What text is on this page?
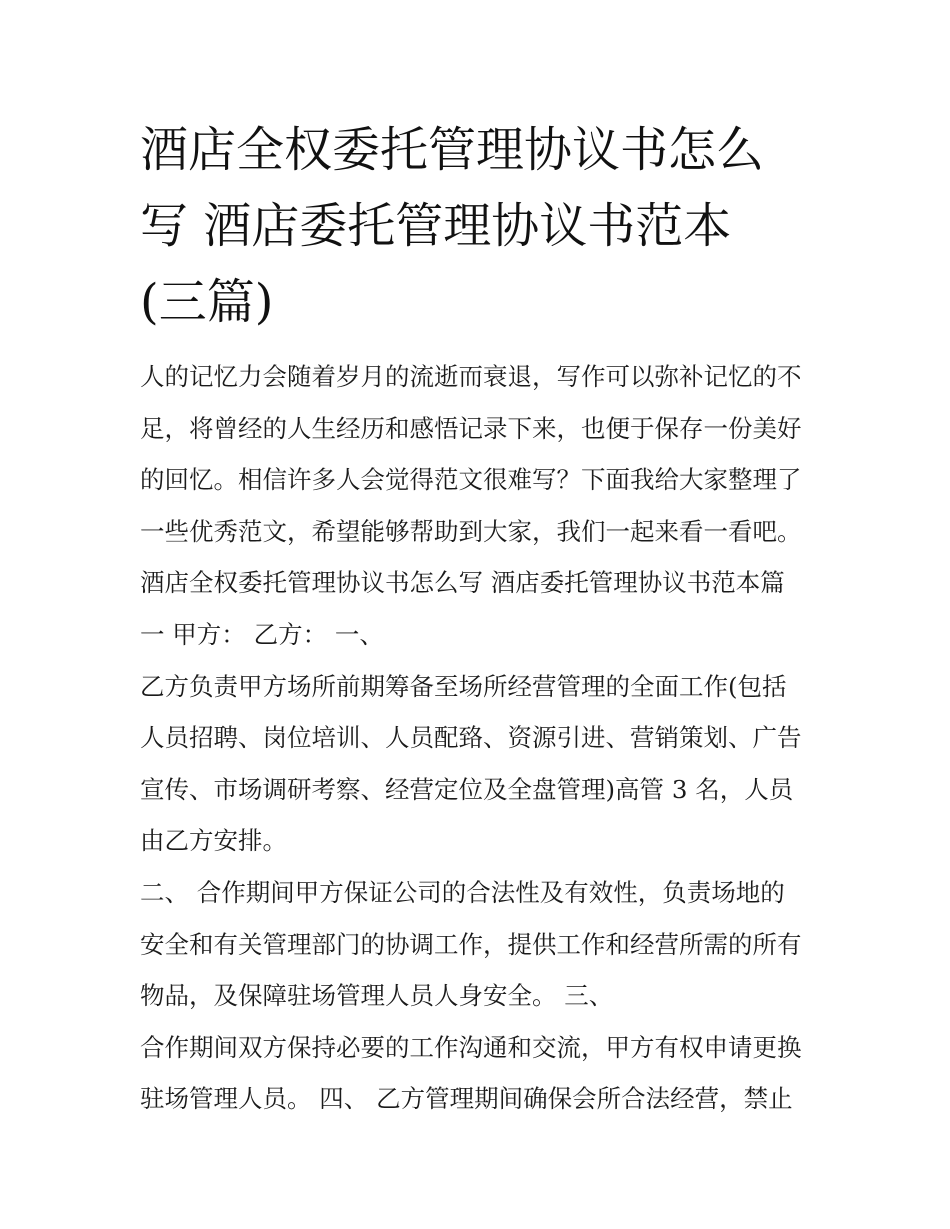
酒店全权委托管理协议书怎么
写 酒店委托管理协议书范本
(三篇)
人的记忆力会随着岁月的流逝而衰退，写作可以弥补记忆的不
足，将曾经的人生经历和感悟记录下来，也便于保存一份美好
的回忆。相信许多人会觉得范文很难写？下面我给大家整理了
一些优秀范文，希望能够帮助到大家，我们一起来看一看吧。
酒店全权委托管理协议书怎么写 酒店委托管理协议书范本篇
一 甲方： 乙方： 一、
乙方负责甲方场所前期筹备至场所经营管理的全面工作(包括
人员招聘、岗位培训、人员配臵、资源引进、营销策划、广告
宣传、市场调研考察、经营定位及全盘管理)高管 3 名，人员
由乙方安排。
二、 合作期间甲方保证公司的合法性及有效性，负责场地的
安全和有关管理部门的协调工作，提供工作和经营所需的所有
物品，及保障驻场管理人员人身安全。 三、
合作期间双方保持必要的工作沟通和交流，甲方有权申请更换
驻场管理人员。 四、 乙方管理期间确保会所合法经营，禁止
